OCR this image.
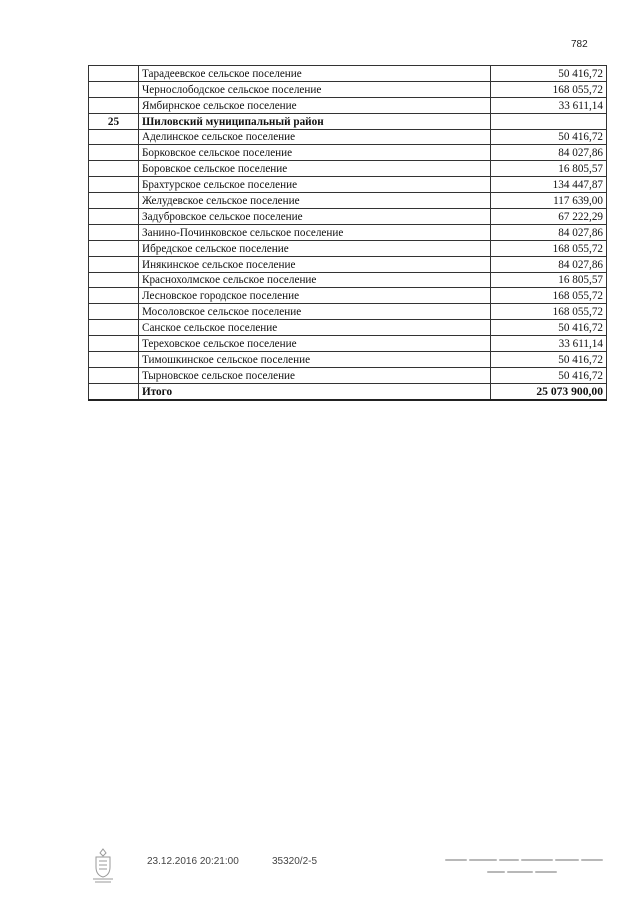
782
	Тарадеевское сельское поселение	50 416,72
	Чернослободское сельское поселение	168 055,72
	Ямбирнское сельское поселение	33 611,14
25	Шиловский муниципальный район	
	Аделинское сельское поселение	50 416,72
	Борковское сельское поселение	84 027,86
	Боровское сельское поселение	16 805,57
	Брахтурское сельское поселение	134 447,87
	Желудевское сельское поселение	117 639,00
	Задубровское сельское поселение	67 222,29
	Занино-Починковское сельское поселение	84 027,86
	Ибредское сельское поселение	168 055,72
	Инякинское сельское поселение	84 027,86
	Краснохолмское сельское поселение	16 805,57
	Лесновское городское поселение	168 055,72
	Мосоловское сельское поселение	168 055,72
	Санское сельское поселение	50 416,72
	Тереховское сельское поселение	33 611,14
	Тимошкинское сельское поселение	50 416,72
	Тырновское сельское поселение	50 416,72
	Итого	25 073 900,00
23.12.2016 20:21:00	35320/2-5
